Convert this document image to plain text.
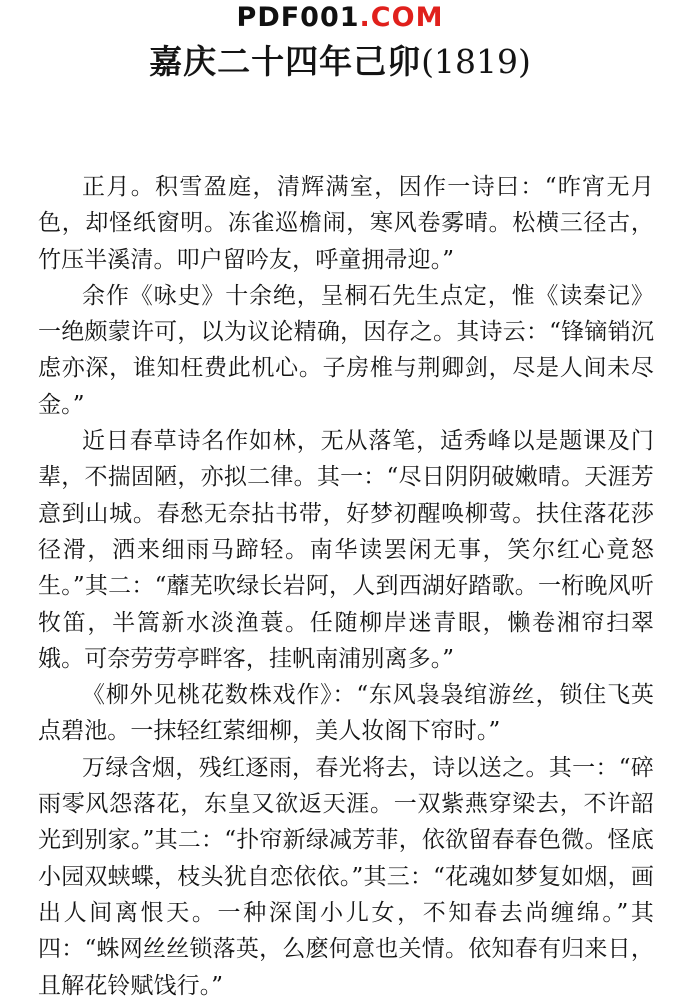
PDF001.COM
嘉庆二十四年己卯(1819)

正月。积雪盈庭，清辉满室，因作一诗曰：“昨宵无月色，却怪纸窗明。冻雀巡檐闹，寒风卷雾晴。松横三径古，竹压半溪清。叩户留吟友，呼童拥帚迎。”

余作《咏史》十余绝，呈桐石先生点定，惟《读秦记》一绝颇蒙许可，以为议论精确，因存之。其诗云：“锋镝销沉虑亦深，谁知枉费此机心。子房椎与荆卿剑，尽是人间未尽金。”

近日春草诗名作如林，无从落笔，适秀峰以是题课及门辈，不揣固陋，亦拟二律。其一：“尽日阴阴破嫩晴。天涯芳意到山城。春愁无奈拈书带，好梦初醒唤柳莺。扶住落花莎径滑，洒来细雨马蹄轻。南华读罢闲无事，笑尔红心竟怒生。”其二：“蘼芜吹绿长岩阿，人到西湖好踏歌。一桁晚风听牧笛，半篙新水淡渔蓑。任随柳岸迷青眼，懒卷湘帘扫翠娥。可奈劳劳亭畔客，挂帆南浦别离多。”

《柳外见桃花数株戏作》：“东风袅袅绾游丝，锁住飞英点碧池。一抹轻红萦细柳，美人妆阁下帘时。”

万绿含烟，残红逐雨，春光将去，诗以送之。其一：“碎雨零风怨落花，东皇又欲返天涯。一双紫燕穿梁去，不许韶光到别家。”其二：“扑帘新绿减芳菲，依欲留春春色微。怪底小园双蛱蝶，枝头犹自恋依依。”其三：“花魂如梦复如烟，画出人间离恨天。一种深闺小儿女，不知春去尚缠绵。”其四：“蛛网丝丝锁落英，么麽何意也关情。依知春有归来日，且解花铃赋饯行。”
